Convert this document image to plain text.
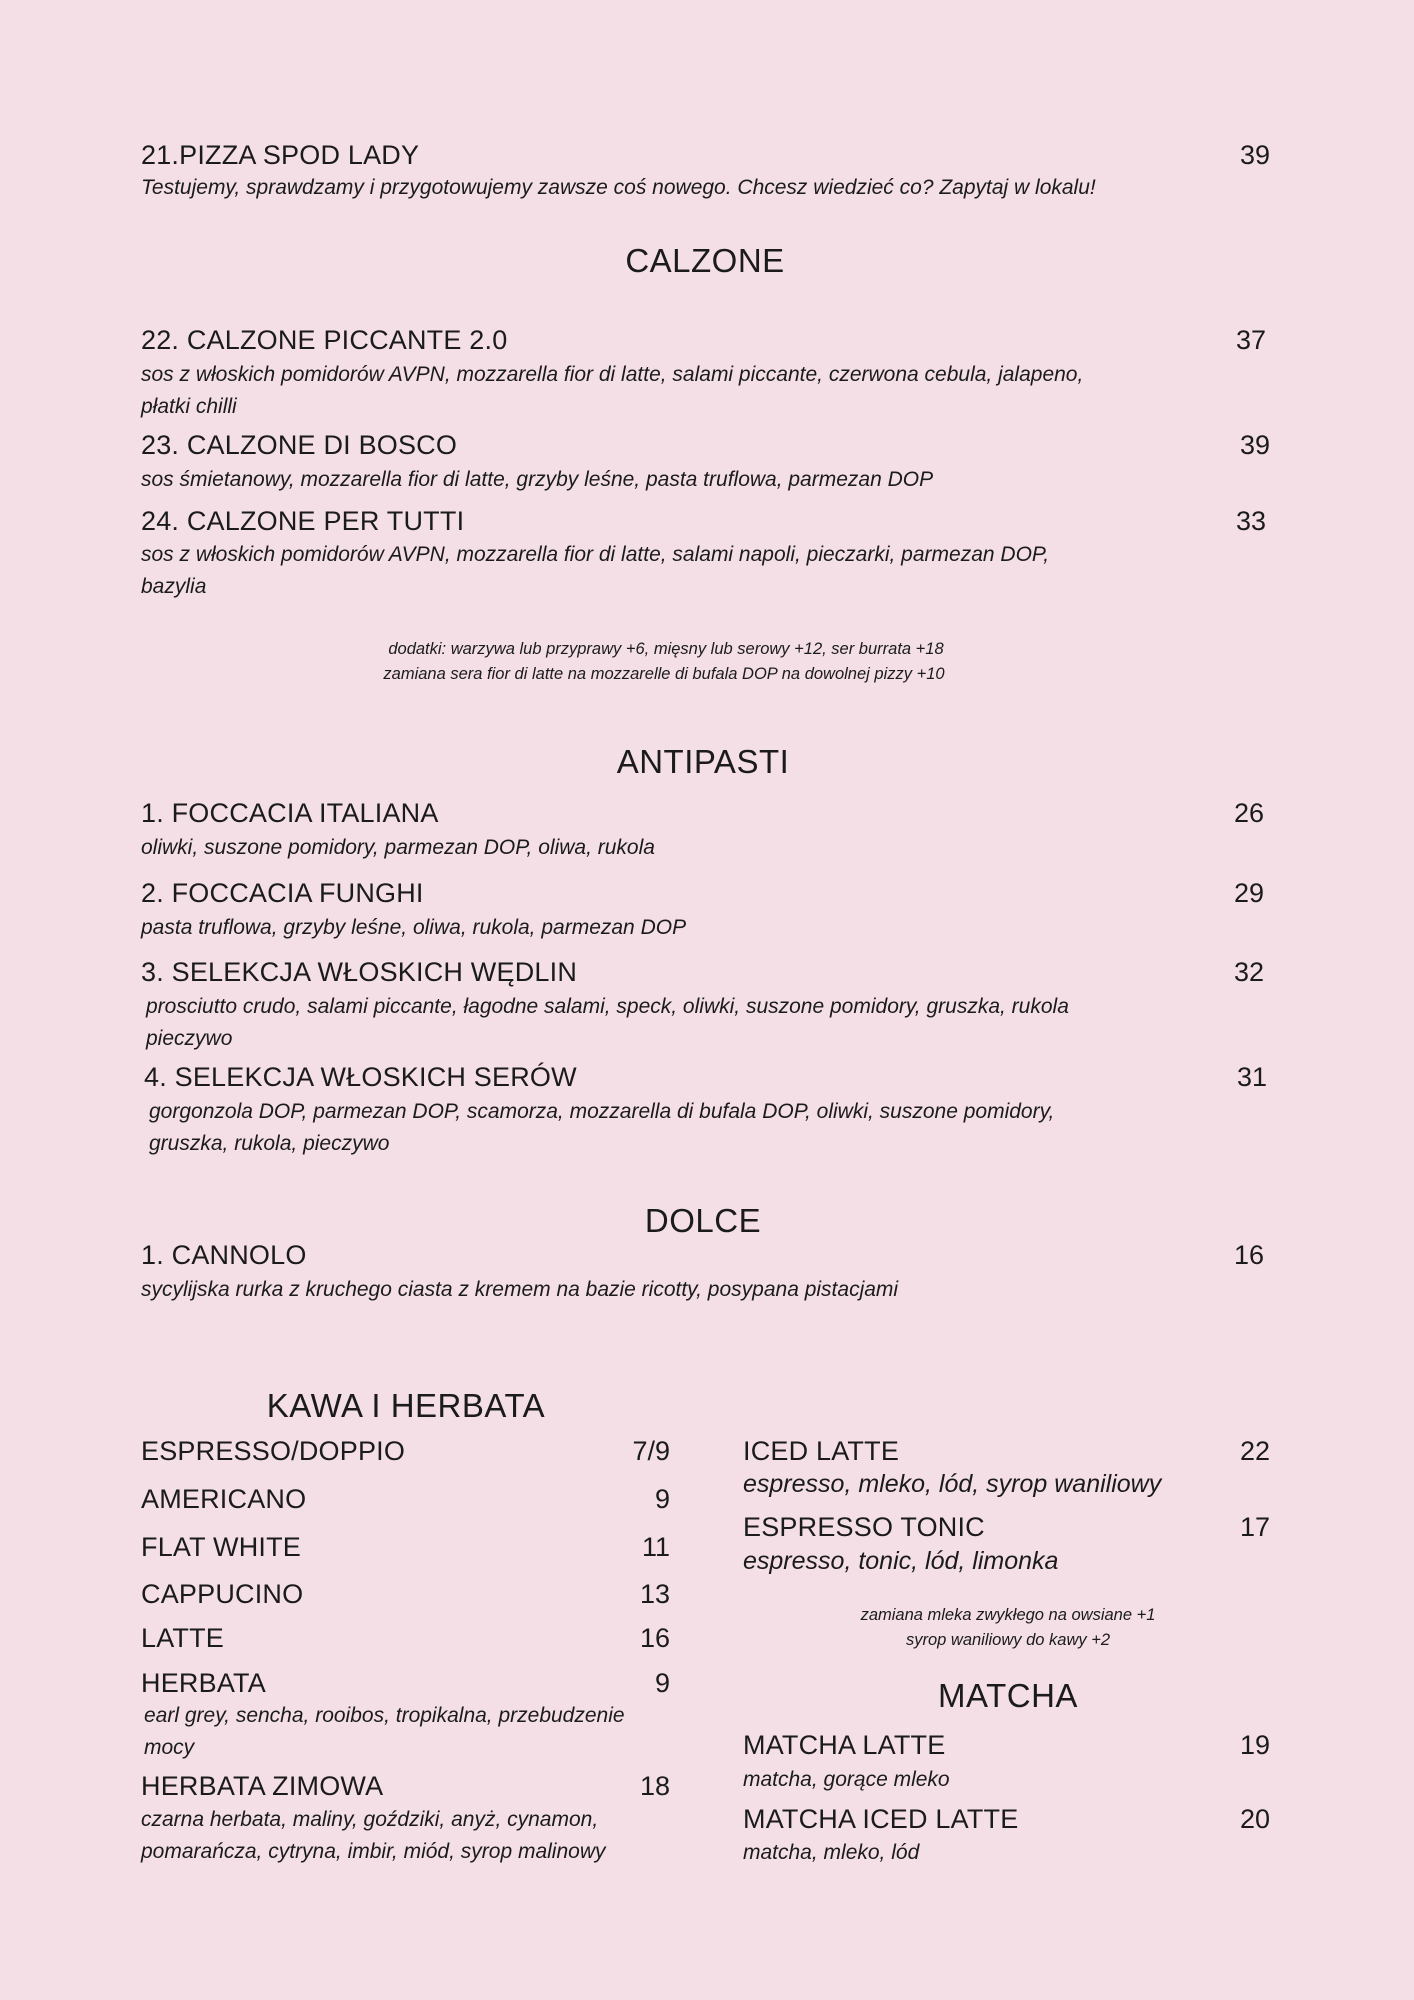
21.PIZZA SPOD LADY	39
Testujemy, sprawdzamy i przygotowujemy zawsze coś nowego. Chcesz wiedzieć co? Zapytaj w lokalu!
CALZONE
22. CALZONE PICCANTE 2.0	37
sos z włoskich pomidorów AVPN, mozzarella fior di latte, salami piccante, czerwona cebula, jalapeno,
płatki chilli
23. CALZONE DI BOSCO	39
sos śmietanowy, mozzarella fior di latte, grzyby leśne, pasta truflowa, parmezan DOP
24. CALZONE PER TUTTI	33
sos z włoskich pomidorów AVPN, mozzarella fior di latte, salami napoli, pieczarki, parmezan DOP,
bazylia
dodatki: warzywa lub przyprawy +6, mięsny lub serowy +12, ser burrata +18
zamiana sera fior di latte na mozzarelle di bufala DOP na dowolnej pizzy +10
ANTIPASTI
1. FOCCACIA ITALIANA	26
oliwki, suszone pomidory, parmezan DOP, oliwa, rukola
2. FOCCACIA FUNGHI	29
pasta truflowa, grzyby leśne, oliwa, rukola, parmezan DOP
3. SELEKCJA WŁOSKICH WĘDLIN	32
prosciutto crudo, salami piccante, łagodne salami, speck, oliwki, suszone pomidory, gruszka, rukola
pieczywo
4. SELEKCJA WŁOSKICH SERÓW	31
gorgonzola DOP, parmezan DOP, scamorza, mozzarella di bufala DOP, oliwki, suszone pomidory,
gruszka, rukola, pieczywo
DOLCE
1. CANNOLO	16
sycylijska rurka z kruchego ciasta z kremem na bazie ricotty, posypana pistacjami
KAWA I HERBATA
ESPRESSO/DOPPIO	7/9
AMERICANO	9
FLAT WHITE	11
CAPPUCINO	13
LATTE	16
HERBATA	9
earl grey, sencha, rooibos, tropikalna, przebudzenie
mocy
HERBATA ZIMOWA	18
czarna herbata, maliny, goździki, anyż, cynamon,
pomarańcza, cytryna, imbir, miód, syrop malinowy
ICED LATTE	22
espresso, mleko, lód, syrop waniliowy
ESPRESSO TONIC	17
espresso, tonic, lód, limonka
zamiana mleka zwykłego na owsiane +1
syrop waniliowy do kawy +2
MATCHA
MATCHA LATTE	19
matcha, gorące mleko
MATCHA ICED LATTE	20
matcha, mleko, lód
